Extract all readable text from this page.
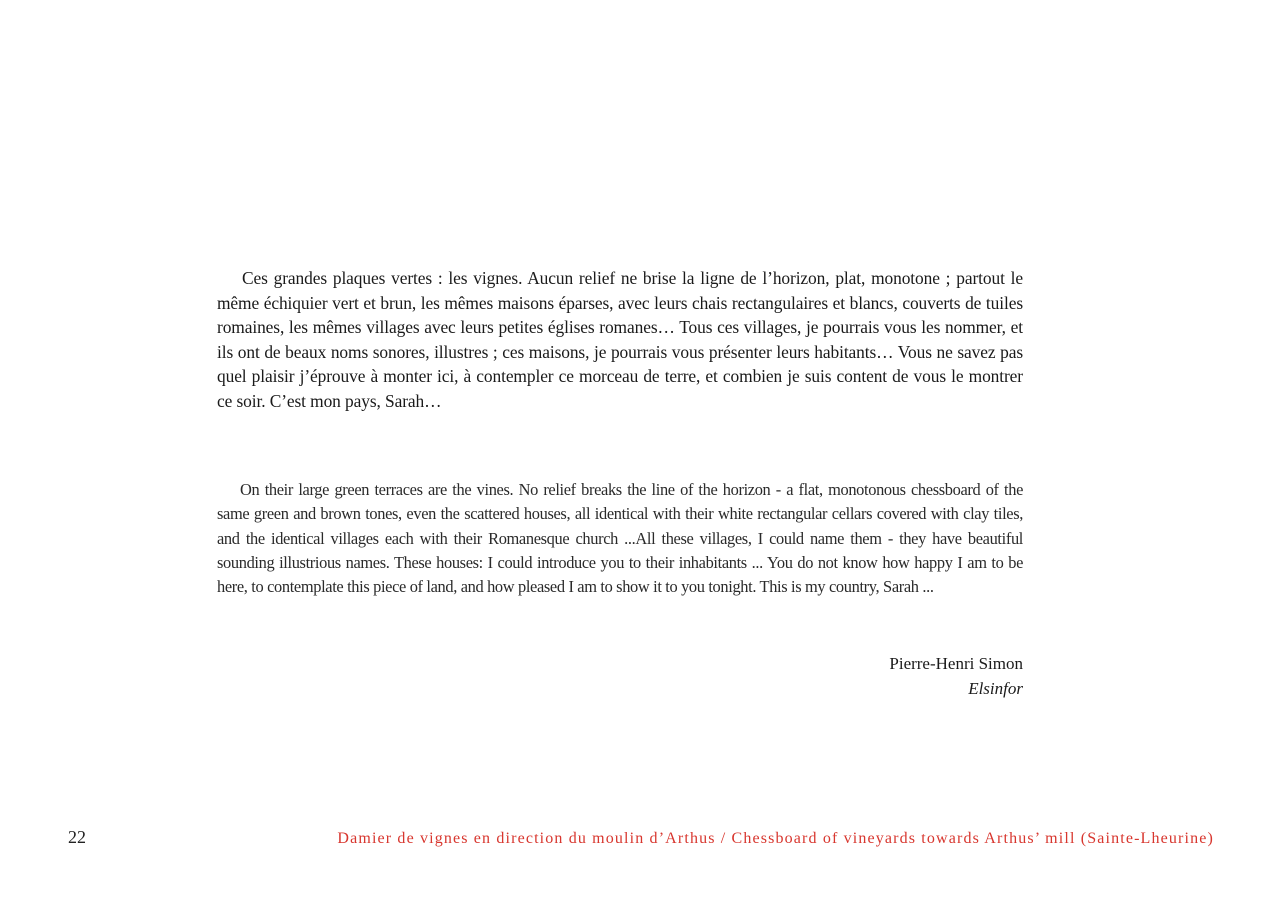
Ces grandes plaques vertes : les vignes. Aucun relief ne brise la ligne de l’horizon, plat, monotone ; partout le même échiquier vert et brun, les mêmes maisons éparses, avec leurs chais rectangulaires et blancs, couverts de tuiles romaines, les mêmes villages avec leurs petites églises romanes… Tous ces villages, je pourrais vous les nommer, et ils ont de beaux noms sonores, illustres ; ces maisons, je pourrais vous présenter leurs habitants… Vous ne savez pas quel plaisir j’éprouve à monter ici, à contempler ce morceau de terre, et combien je suis content de vous le montrer ce soir. C’est mon pays, Sarah…

On their large green terraces are the vines. No relief breaks the line of the horizon - a flat, monotonous chessboard of the same green and brown tones, even the scattered houses, all identical with their white rectangular cellars covered with clay tiles, and the identical villages each with their Romanesque church ...All these villages, I could name them - they have beautiful sounding illustrious names. These houses: I could introduce you to their inhabitants ... You do not know how happy I am to be here, to contemplate this piece of land, and how pleased I am to show it to you tonight. This is my country, Sarah ...

Pierre-Henri Simon
Elsinfor
22	Damier de vignes en direction du moulin d’Arthus / Chessboard of vineyards towards Arthus’ mill (Sainte-Lheurine)
